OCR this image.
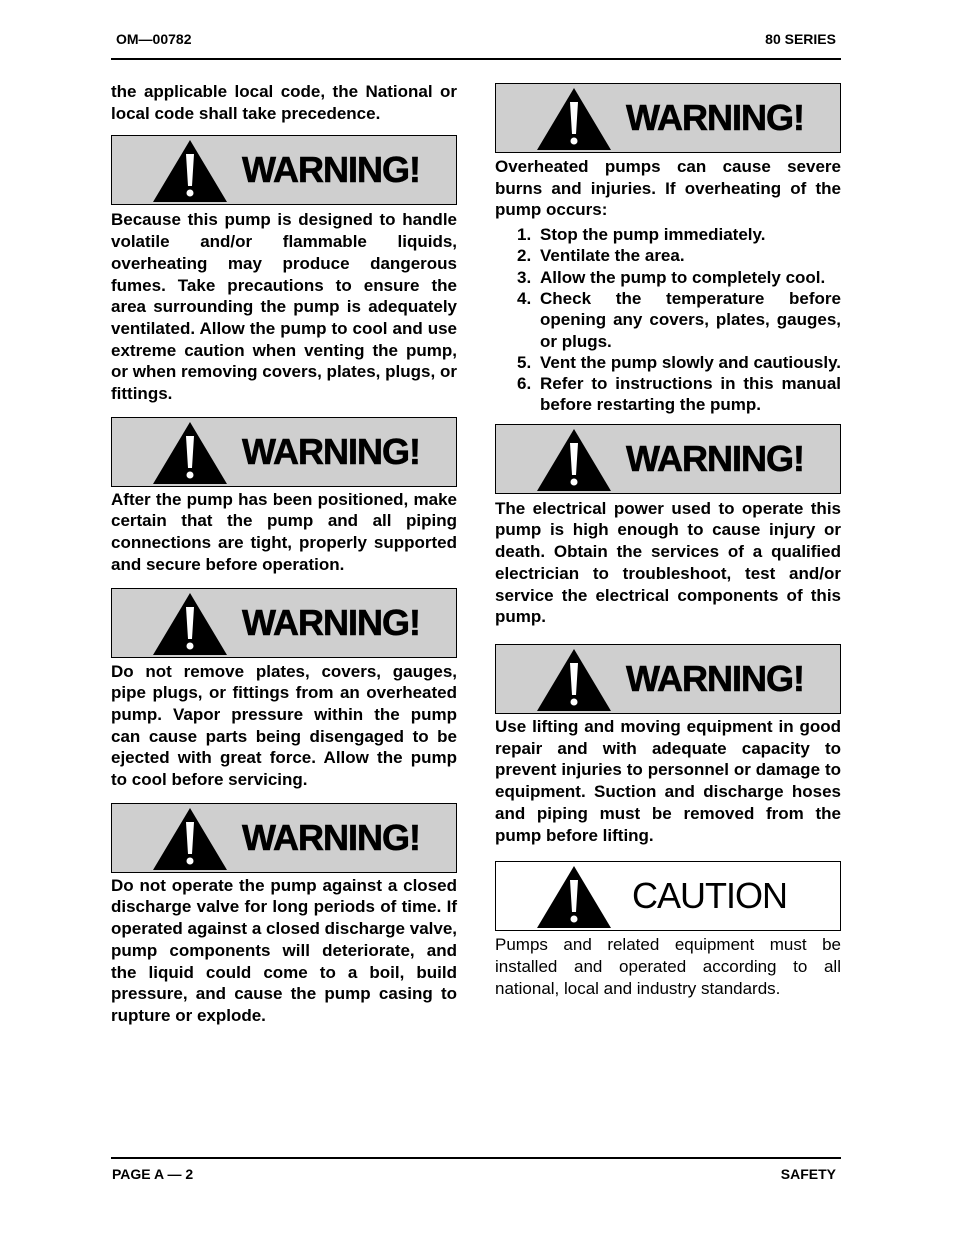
OM—00782	80 SERIES

the applicable local code, the National or local code shall take precedence.

WARNING!

Because this pump is designed to handle volatile and/or flammable liquids, overheating may produce dangerous fumes. Take precautions to ensure the area surrounding the pump is adequately ventilated. Allow the pump to cool and use extreme caution when venting the pump, or when removing covers, plates, plugs, or fittings.

WARNING!

After the pump has been positioned, make certain that the pump and all piping connections are tight, properly supported and secure before operation.

WARNING!

Do not remove plates, covers, gauges, pipe plugs, or fittings from an overheated pump. Vapor pressure within the pump can cause parts being disengaged to be ejected with great force. Allow the pump to cool before servicing.

WARNING!

Do not operate the pump against a closed discharge valve for long periods of time. If operated against a closed discharge valve, pump components will deteriorate, and the liquid could come to a boil, build pressure, and cause the pump casing to rupture or explode.

WARNING!

Overheated pumps can cause severe burns and injuries. If overheating of the pump occurs:

1. Stop the pump immediately.
2. Ventilate the area.
3. Allow the pump to completely cool.
4. Check the temperature before opening any covers, plates, gauges, or plugs.
5. Vent the pump slowly and cautiously.
6. Refer to instructions in this manual before restarting the pump.
WARNING!

The electrical power used to operate this pump is high enough to cause injury or death. Obtain the services of a qualified electrician to troubleshoot, test and/or service the electrical components of this pump.

WARNING!

Use lifting and moving equipment in good repair and with adequate capacity to prevent injuries to personnel or damage to equipment. Suction and discharge hoses and piping must be removed from the pump before lifting.

CAUTION

Pumps and related equipment must be installed and operated according to all national, local and industry standards.

PAGE A — 2	SAFETY
